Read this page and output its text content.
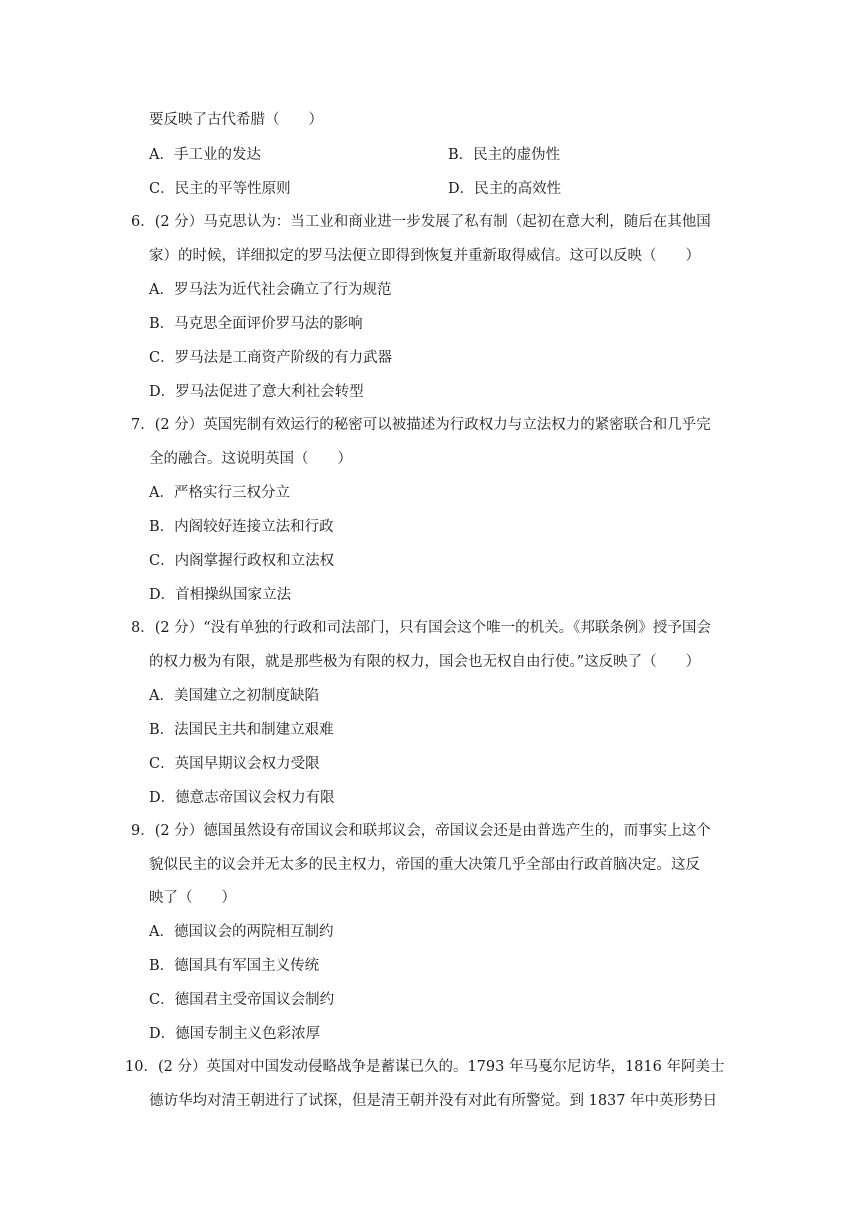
要反映了古代希腊（　　）
A．手工业的发达	B．民主的虚伪性
C．民主的平等性原则	D．民主的高效性
6．(2 分）马克思认为：当工业和商业进一步发展了私有制（起初在意大利，随后在其他国
家）的时候，详细拟定的罗马法便立即得到恢复并重新取得威信。这可以反映（　　）
A．罗马法为近代社会确立了行为规范
B．马克思全面评价罗马法的影响
C．罗马法是工商资产阶级的有力武器
D．罗马法促进了意大利社会转型
7．(2 分）英国宪制有效运行的秘密可以被描述为行政权力与立法权力的紧密联合和几乎完
全的融合。这说明英国（　　）
A．严格实行三权分立
B．内阁较好连接立法和行政
C．内阁掌握行政权和立法权
D．首相操纵国家立法
8．(2 分）“没有单独的行政和司法部门，只有国会这个唯一的机关。《邦联条例》授予国会
的权力极为有限，就是那些极为有限的权力，国会也无权自由行使。”这反映了（　　）
A．美国建立之初制度缺陷
B．法国民主共和制建立艰难
C．英国早期议会权力受限
D．德意志帝国议会权力有限
9．(2 分）德国虽然设有帝国议会和联邦议会，帝国议会还是由普选产生的，而事实上这个
貌似民主的议会并无太多的民主权力，帝国的重大决策几乎全部由行政首脑决定。这反
映了（　　）
A．德国议会的两院相互制约
B．德国具有军国主义传统
C．德国君主受帝国议会制约
D．德国专制主义色彩浓厚
10．(2 分）英国对中国发动侵略战争是蓄谋已久的。1793 年马戛尔尼访华，1816 年阿美士
德访华均对清王朝进行了试探，但是清王朝并没有对此有所警觉。到 1837 年中英形势日
